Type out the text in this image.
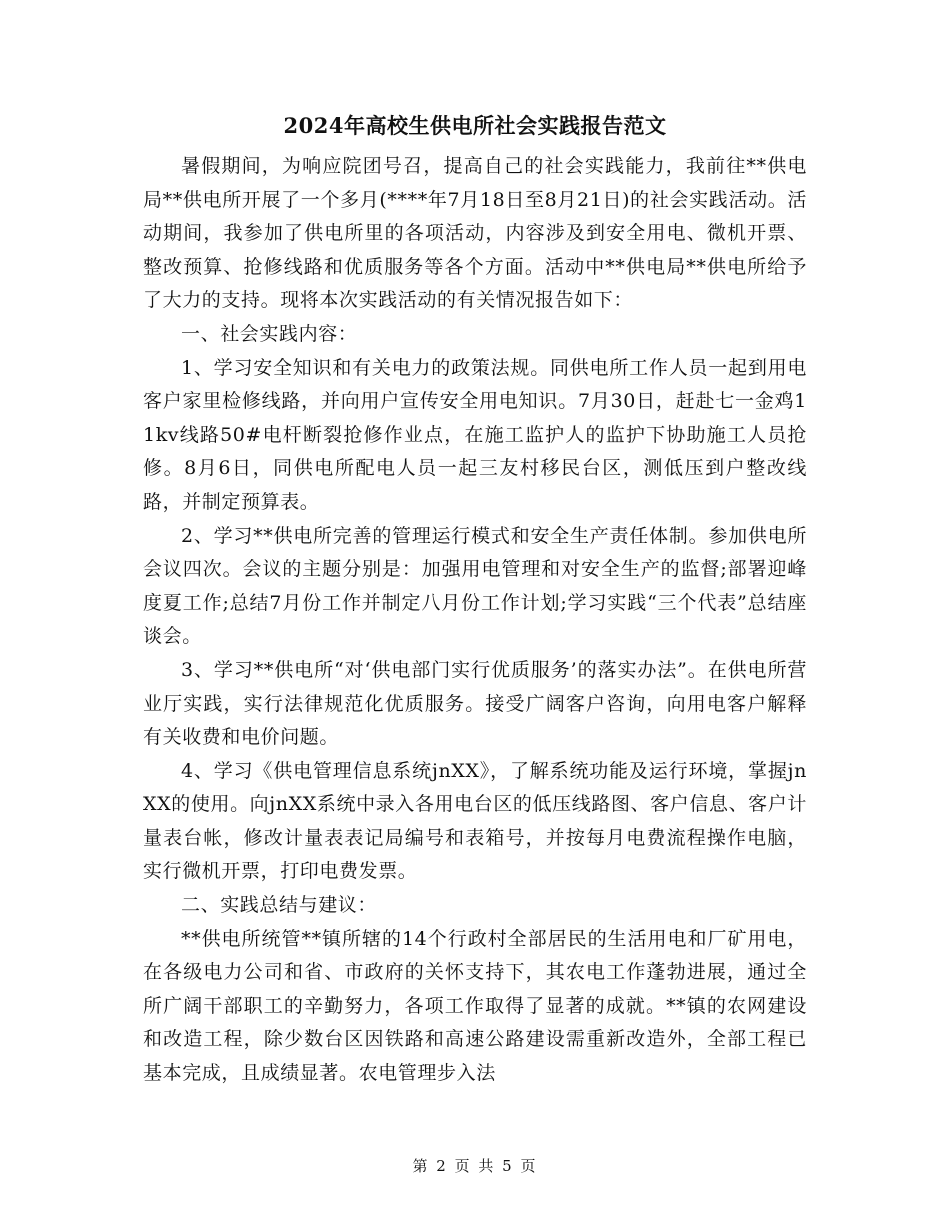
2024年高校生供电所社会实践报告范文

暑假期间，为响应院团号召，提高自己的社会实践能力，我前往**供电局**供电所开展了一个多月(****年7月18日至8月21日)的社会实践活动。活动期间，我参加了供电所里的各项活动，内容涉及到安全用电、微机开票、整改预算、抢修线路和优质服务等各个方面。活动中**供电局**供电所给予了大力的支持。现将本次实践活动的有关情况报告如下：

一、社会实践内容：

1、学习安全知识和有关电力的政策法规。同供电所工作人员一起到用电客户家里检修线路，并向用户宣传安全用电知识。7月30日，赶赴七一金鸡11kv线路50#电杆断裂抢修作业点，在施工监护人的监护下协助施工人员抢修。8月6日，同供电所配电人员一起三友村移民台区，测低压到户整改线路，并制定预算表。

2、学习**供电所完善的管理运行模式和安全生产责任体制。参加供电所会议四次。会议的主题分别是：加强用电管理和对安全生产的监督;部署迎峰度夏工作;总结7月份工作并制定八月份工作计划;学习实践“三个代表”总结座谈会。

3、学习**供电所“对‘供电部门实行优质服务’的落实办法”。在供电所营业厅实践，实行法律规范化优质服务。接受广阔客户咨询，向用电客户解释有关收费和电价问题。

4、学习《供电管理信息系统jnXX》，了解系统功能及运行环境，掌握jnXX的使用。向jnXX系统中录入各用电台区的低压线路图、客户信息、客户计量表台帐，修改计量表表记局编号和表箱号，并按每月电费流程操作电脑，实行微机开票，打印电费发票。

二、实践总结与建议：

**供电所统管**镇所辖的14个行政村全部居民的生活用电和厂矿用电，在各级电力公司和省、市政府的关怀支持下，其农电工作蓬勃进展，通过全所广阔干部职工的辛勤努力，各项工作取得了显著的成就。**镇的农网建设和改造工程，除少数台区因铁路和高速公路建设需重新改造外，全部工程已基本完成，且成绩显著。农电管理步入法

第 2 页 共 5 页
